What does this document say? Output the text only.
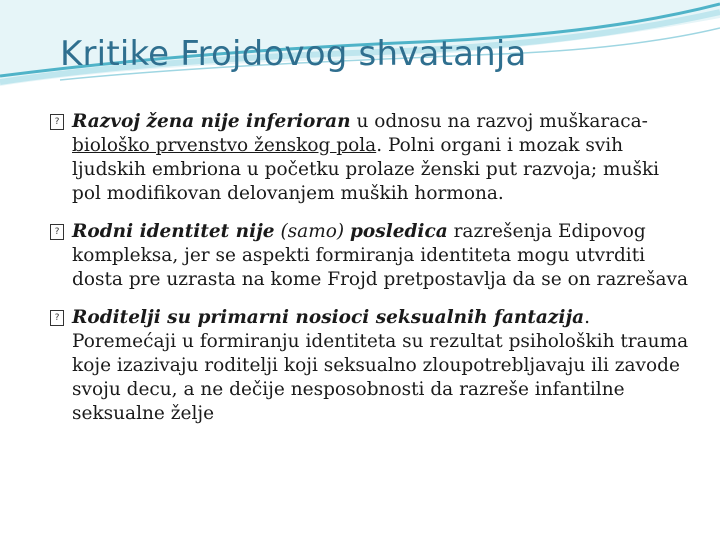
Kritike Frojdovog shvatanja
? Razvoj žena nije inferioran u odnosu na razvoj muškaraca- biološko prvenstvo ženskog pola. Polni organi i mozak svih ljudskih embriona u početku prolaze ženski put razvoja; muški pol modifikovan delovanjem muških hormona.
? Rodni identitet nije (samo) posledica razrešenja Edipovog kompleksa, jer se aspekti formiranja identiteta mogu utvrditi dosta pre uzrasta na kome Frojd pretpostavlja da se on razrešava
? Roditelji su primarni nosioci seksualnih fantazija. Poremećaji u formiranju identiteta su rezultat psiholoških trauma koje izazivaju roditelji koji seksualno zloupotrebljavaju ili zavode svoju decu, a ne dečije nesposobnosti da razreše infantilne seksualne želje
